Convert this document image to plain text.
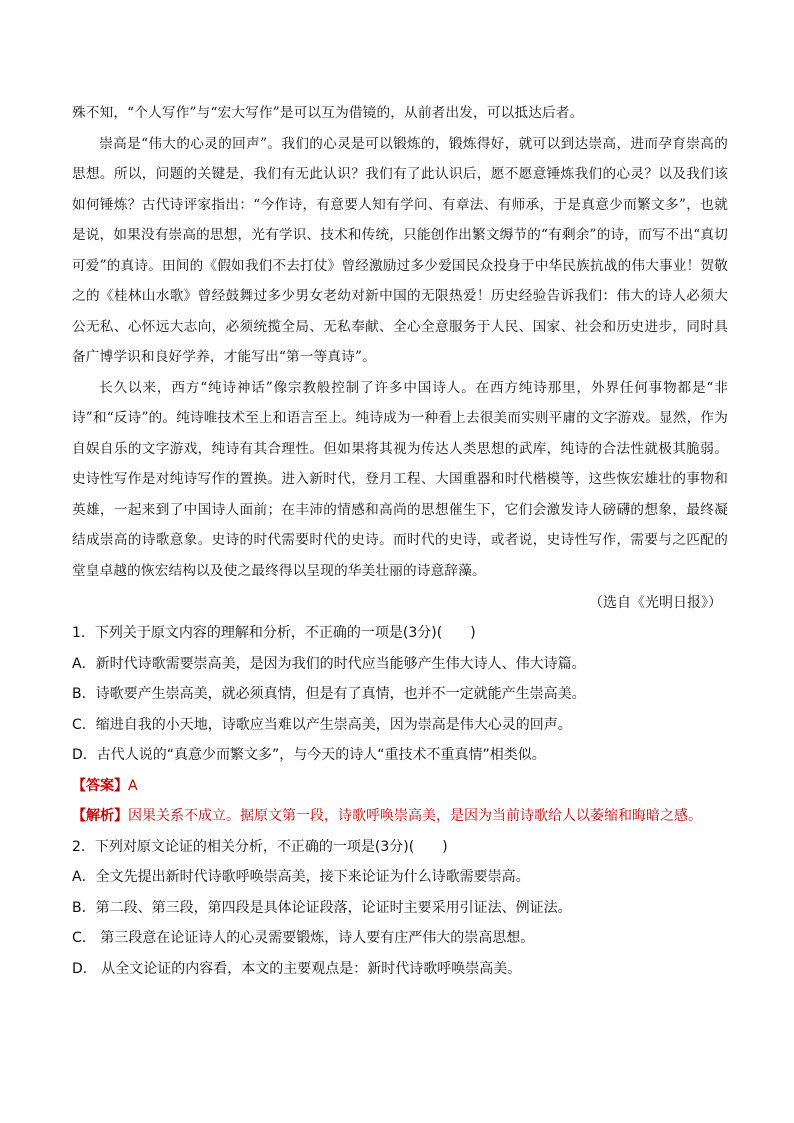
殊不知，“个人写作”与“宏大写作”是可以互为借镜的，从前者出发，可以抵达后者。

崇高是“伟大的心灵的回声”。我们的心灵是可以锻炼的，锻炼得好，就可以到达崇高，进而孕育崇高的思想。所以，问题的关键是，我们有无此认识？我们有了此认识后，愿不愿意锤炼我们的心灵？以及我们该如何锤炼？古代诗评家指出：“今作诗，有意要人知有学问、有章法、有师承，于是真意少而繁文多”，也就是说，如果没有崇高的思想，光有学识、技术和传统，只能创作出繁文缛节的“有剩余”的诗，而写不出“真切可爱”的真诗。田间的《假如我们不去打仗》曾经激励过多少爱国民众投身于中华民族抗战的伟大事业！贺敬之的《桂林山水歌》曾经鼓舞过多少男女老幼对新中国的无限热爱！历史经验告诉我们：伟大的诗人必须大公无私、心怀远大志向，必须统揽全局、无私奉献、全心全意服务于人民、国家、社会和历史进步，同时具备广博学识和良好学养，才能写出“第一等真诗”。

长久以来，西方“纯诗神话”像宗教般控制了许多中国诗人。在西方纯诗那里，外界任何事物都是“非诗”和“反诗”的。纯诗唯技术至上和语言至上。纯诗成为一种看上去很美而实则平庸的文字游戏。显然，作为自娱自乐的文字游戏，纯诗有其合理性。但如果将其视为传达人类思想的武库，纯诗的合法性就极其脆弱。史诗性写作是对纯诗写作的置换。进入新时代，登月工程、大国重器和时代楷模等，这些恢宏雄壮的事物和英雄，一起来到了中国诗人面前；在丰沛的情感和高尚的思想催生下，它们会激发诗人磅礴的想象，最终凝结成崇高的诗歌意象。史诗的时代需要时代的史诗。而时代的史诗，或者说，史诗性写作，需要与之匹配的堂皇卓越的恢宏结构以及使之最终得以呈现的华美壮丽的诗意辞藻。

（选自《光明日报》）

1．下列关于原文内容的理解和分析，不正确的一项是(3分)(　　)

A．新时代诗歌需要崇高美，是因为我们的时代应当能够产生伟大诗人、伟大诗篇。

B．诗歌要产生崇高美，就必须真情，但是有了真情，也并不一定就能产生崇高美。

C．缩进自我的小天地，诗歌应当难以产生崇高美，因为崇高是伟大心灵的回声。

D．古代人说的“真意少而繁文多”，与今天的诗人“重技术不重真情”相类似。

【答案】A

【解析】因果关系不成立。据原文第一段，诗歌呼唤崇高美，是因为当前诗歌给人以萎缩和晦暗之感。

2．下列对原文论证的相关分析，不正确的一项是(3分)(　　)

A．全文先提出新时代诗歌呼唤崇高美，接下来论证为什么诗歌需要崇高。

B．第二段、第三段，第四段是具体论证段落，论证时主要采用引证法、例证法。

C． 第三段意在论证诗人的心灵需要锻炼，诗人要有庄严伟大的崇高思想。

D． 从全文论证的内容看，本文的主要观点是：新时代诗歌呼唤崇高美。
